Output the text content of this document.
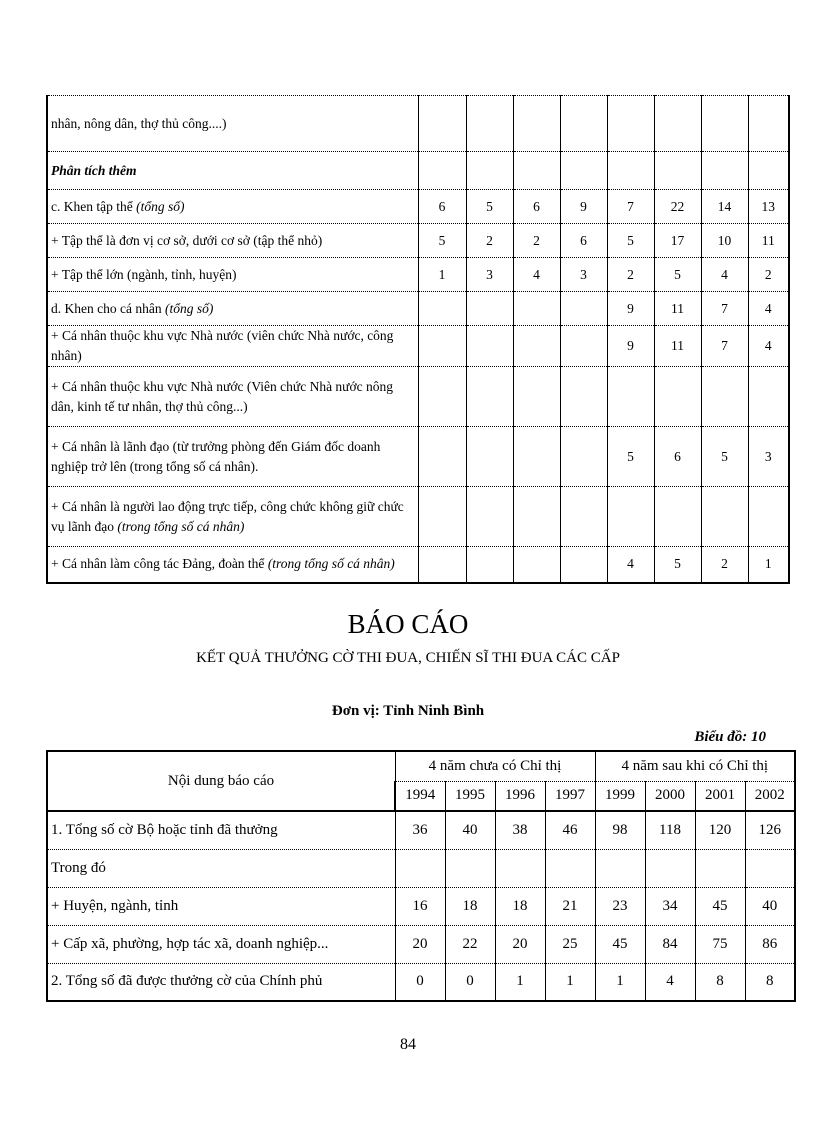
nhân, nông dân, thợ thủ công....)								
Phân tích thêm								
c. Khen tập thể (tổng số)	6	5	6	9	7	22	14	13
+ Tập thể là đơn vị cơ sở, dưới cơ sở (tập thể nhỏ)	5	2	2	6	5	17	10	11
+ Tập thể lớn (ngành, tỉnh, huyện)	1	3	4	3	2	5	4	2
d. Khen cho cá nhân (tổng số)					9	11	7	4
+ Cá nhân thuộc khu vực Nhà nước (viên chức Nhà nước, công nhân)					9	11	7	4
+ Cá nhân thuộc khu vực Nhà nước (Viên chức Nhà nước nông dân, kinh tế tư nhân, thợ thủ công...)								
+ Cá nhân là lãnh đạo (từ trưởng phòng đến Giám đốc doanh nghiệp trở lên (trong tổng số cá nhân).					5	6	5	3
+ Cá nhân là người lao động trực tiếp, công chức không giữ chức vụ lãnh đạo (trong tổng số cá nhân)								
+ Cá nhân làm công tác Đảng, đoàn thể (trong tổng số cá nhân)					4	5	2	1
BÁO CÁO
KẾT QUẢ THƯỞNG CỜ THI ĐUA, CHIẾN SĨ THI ĐUA CÁC CẤP
Đơn vị: Tỉnh Ninh Bình
Biểu đồ: 10
Nội dung báo cáo	4 năm chưa có Chỉ thị				4 năm sau khi có Chỉ thị			
	1994	1995	1996	1997	1999	2000	2001	2002
1. Tổng số cờ Bộ hoặc tỉnh đã thưởng	36	40	38	46	98	118	120	126
Trong đó								
+ Huyện, ngành, tỉnh	16	18	18	21	23	34	45	40
+ Cấp xã, phường, hợp tác xã, doanh nghiệp...	20	22	20	25	45	84	75	86
2. Tổng số đã được thưởng cờ của Chính phủ	0	0	1	1	1	4	8	8
84
